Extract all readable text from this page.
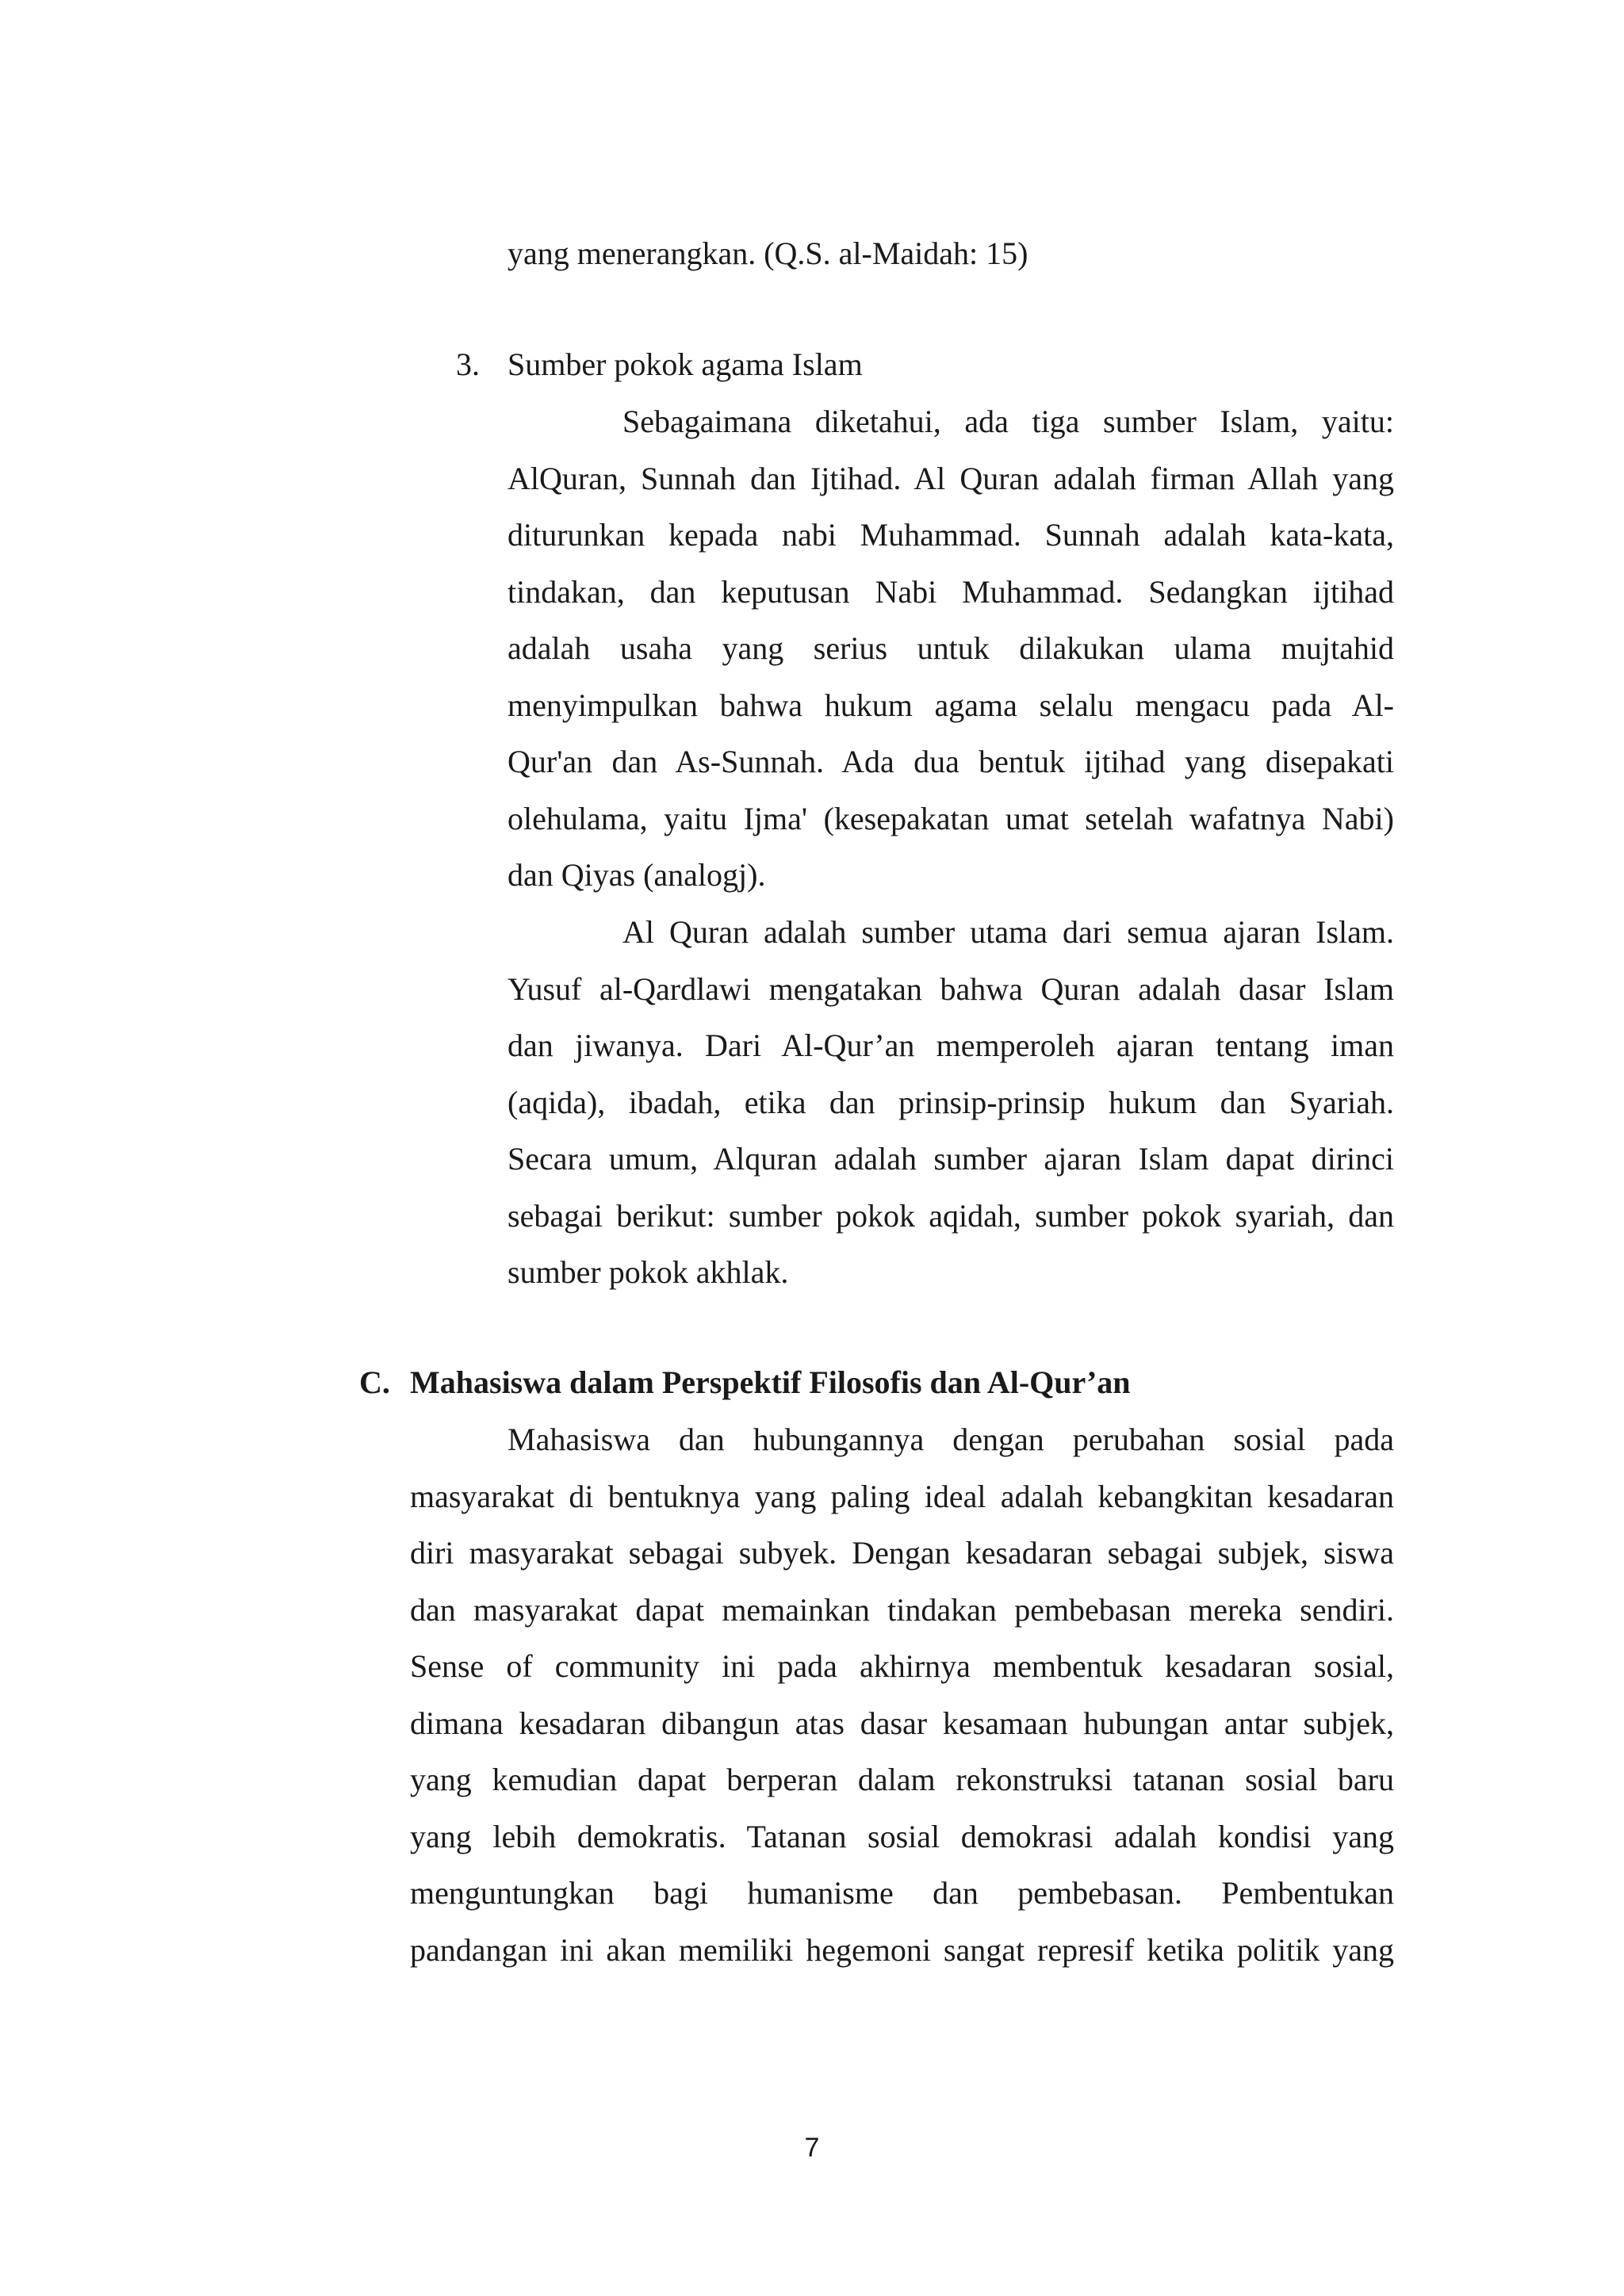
yang menerangkan. (Q.S. al-Maidah: 15)
3. Sumber pokok agama Islam

Sebagaimana diketahui, ada tiga sumber Islam, yaitu:

AlQuran, Sunnah dan Ijtihad. Al Quran adalah firman Allah yang

diturunkan kepada nabi Muhammad. Sunnah adalah kata-kata,

tindakan, dan keputusan Nabi Muhammad. Sedangkan ijtihad

adalah usaha yang serius untuk dilakukan ulama mujtahid

menyimpulkan bahwa hukum agama selalu mengacu pada Al-

Qur'an dan As-Sunnah. Ada dua bentuk ijtihad yang disepakati

olehulama, yaitu Ijma' (kesepakatan umat setelah wafatnya Nabi)

dan Qiyas (analogj).

Al Quran adalah sumber utama dari semua ajaran Islam.

Yusuf al-Qardlawi mengatakan bahwa Quran adalah dasar Islam

dan jiwanya. Dari Al-Qur’an memperoleh ajaran tentang iman

(aqida), ibadah, etika dan prinsip-prinsip hukum dan Syariah.

Secara umum, Alquran adalah sumber ajaran Islam dapat dirinci

sebagai berikut: sumber pokok aqidah, sumber pokok syariah, dan

sumber pokok akhlak.

C. Mahasiswa dalam Perspektif Filosofis dan Al-Qur’an

Mahasiswa dan hubungannya dengan perubahan sosial pada

masyarakat di bentuknya yang paling ideal adalah kebangkitan kesadaran

diri masyarakat sebagai subyek. Dengan kesadaran sebagai subjek, siswa

dan masyarakat dapat memainkan tindakan pembebasan mereka sendiri.

Sense of community ini pada akhirnya membentuk kesadaran sosial,

dimana kesadaran dibangun atas dasar kesamaan hubungan antar subjek,

yang kemudian dapat berperan dalam rekonstruksi tatanan sosial baru

yang lebih demokratis. Tatanan sosial demokrasi adalah kondisi yang

menguntungkan bagi humanisme dan pembebasan. Pembentukan

pandangan ini akan memiliki hegemoni sangat represif ketika politik yang

7
